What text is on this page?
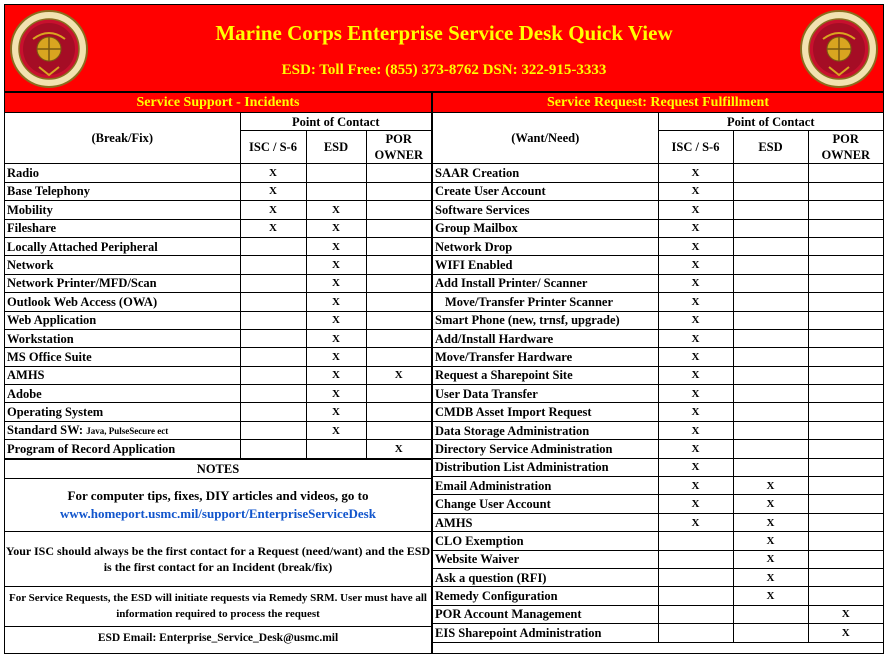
Marine Corps Enterprise Service Desk Quick View
ESD: Toll Free: (855) 373-8762 DSN: 322-915-3333
Service Support - Incidents
(Break/Fix)	Point of Contact		
	ISC / S-6	ESD	POR OWNER
Radio	X		
Base Telephony	X		
Mobility	X	X	
Fileshare	X	X	
Locally Attached Peripheral		X	
Network		X	
Network Printer/MFD/Scan		X	
Outlook Web Access (OWA)		X	
Web Application		X	
Workstation		X	
MS Office Suite		X	
AMHS		X	X
Adobe		X	
Operating System		X	
Standard SW: Java, PulseSecure ect		X	
Program of Record Application			X
NOTES
For computer tips, fixes, DIY articles and videos, go to
www.homeport.usmc.mil/support/EnterpriseServiceDesk
Your ISC should always be the first contact for a Request (need/want) and the ESD is the first contact for an Incident (break/fix)
For Service Requests, the ESD will initiate requests via Remedy SRM. User must have all information required to process the request
ESD Email: Enterprise_Service_Desk@usmc.mil
Service Request: Request Fulfillment
(Want/Need)	Point of Contact		
	ISC / S-6	ESD	POR OWNER
SAAR Creation	X		
Create User Account	X		
Software Services	X		
Group Mailbox	X		
Network Drop	X		
WIFI Enabled	X		
Add Install Printer/ Scanner	X		
Move/Transfer Printer Scanner	X		
Smart Phone (new, trnsf, upgrade)	X		
Add/Install Hardware	X		
Move/Transfer Hardware	X		
Request a Sharepoint Site	X		
User Data Transfer	X		
CMDB Asset Import Request	X		
Data Storage Administration	X		
Directory Service Administration	X		
Distribution List Administration	X		
Email Administration	X	X	
Change User Account	X	X	
AMHS	X	X	
CLO Exemption		X	
Website Waiver		X	
Ask a question (RFI)		X	
Remedy Configuration		X	
POR Account Management			X
EIS Sharepoint Administration			X
